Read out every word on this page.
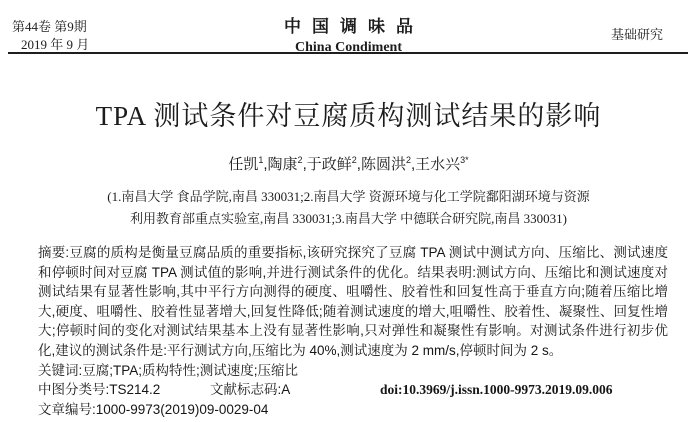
第44卷 第9期
2019 年 9 月
中国调味品
China Condiment
基础研究
TPA 测试条件对豆腐质构测试结果的影响
任凯$^1$,陶康$^2$,于政鲜$^2$,陈圆洪$^2$,王水兴$^{3*}$
(1.南昌大学 食品学院,南昌 330031;2.南昌大学 资源环境与化工学院鄱阳湖环境与资源
利用教育部重点实验室,南昌 330031;3.南昌大学 中德联合研究院,南昌 330031)

摘要:豆腐的质构是衡量豆腐品质的重要指标,该研究探究了豆腐 TPA 测试中测试方向、压缩比、测试速度和停顿时间对豆腐 TPA 测试值的影响,并进行测试条件的优化。结果表明:测试方向、压缩比和测试速度对测试结果有显著性影响,其中平行方向测得的硬度、咀嚼性、胶着性和回复性高于垂直方向;随着压缩比增大,硬度、咀嚼性、胶着性显著增大,回复性降低;随着测试速度的增大,咀嚼性、胶着性、凝聚性、回复性增大;停顿时间的变化对测试结果基本上没有显著性影响,只对弹性和凝聚性有影响。对测试条件进行初步优化,建议的测试条件是:平行测试方向,压缩比为 40%,测试速度为 2 mm/s,停顿时间为 2 s。

关键词:豆腐;TPA;质构特性;测试速度;压缩比

中图分类号:TS214.2	文献标志码:A	doi:10.3969/j.issn.1000-9973.2019.09.006

文章编号:1000-9973(2019)09-0029-04
